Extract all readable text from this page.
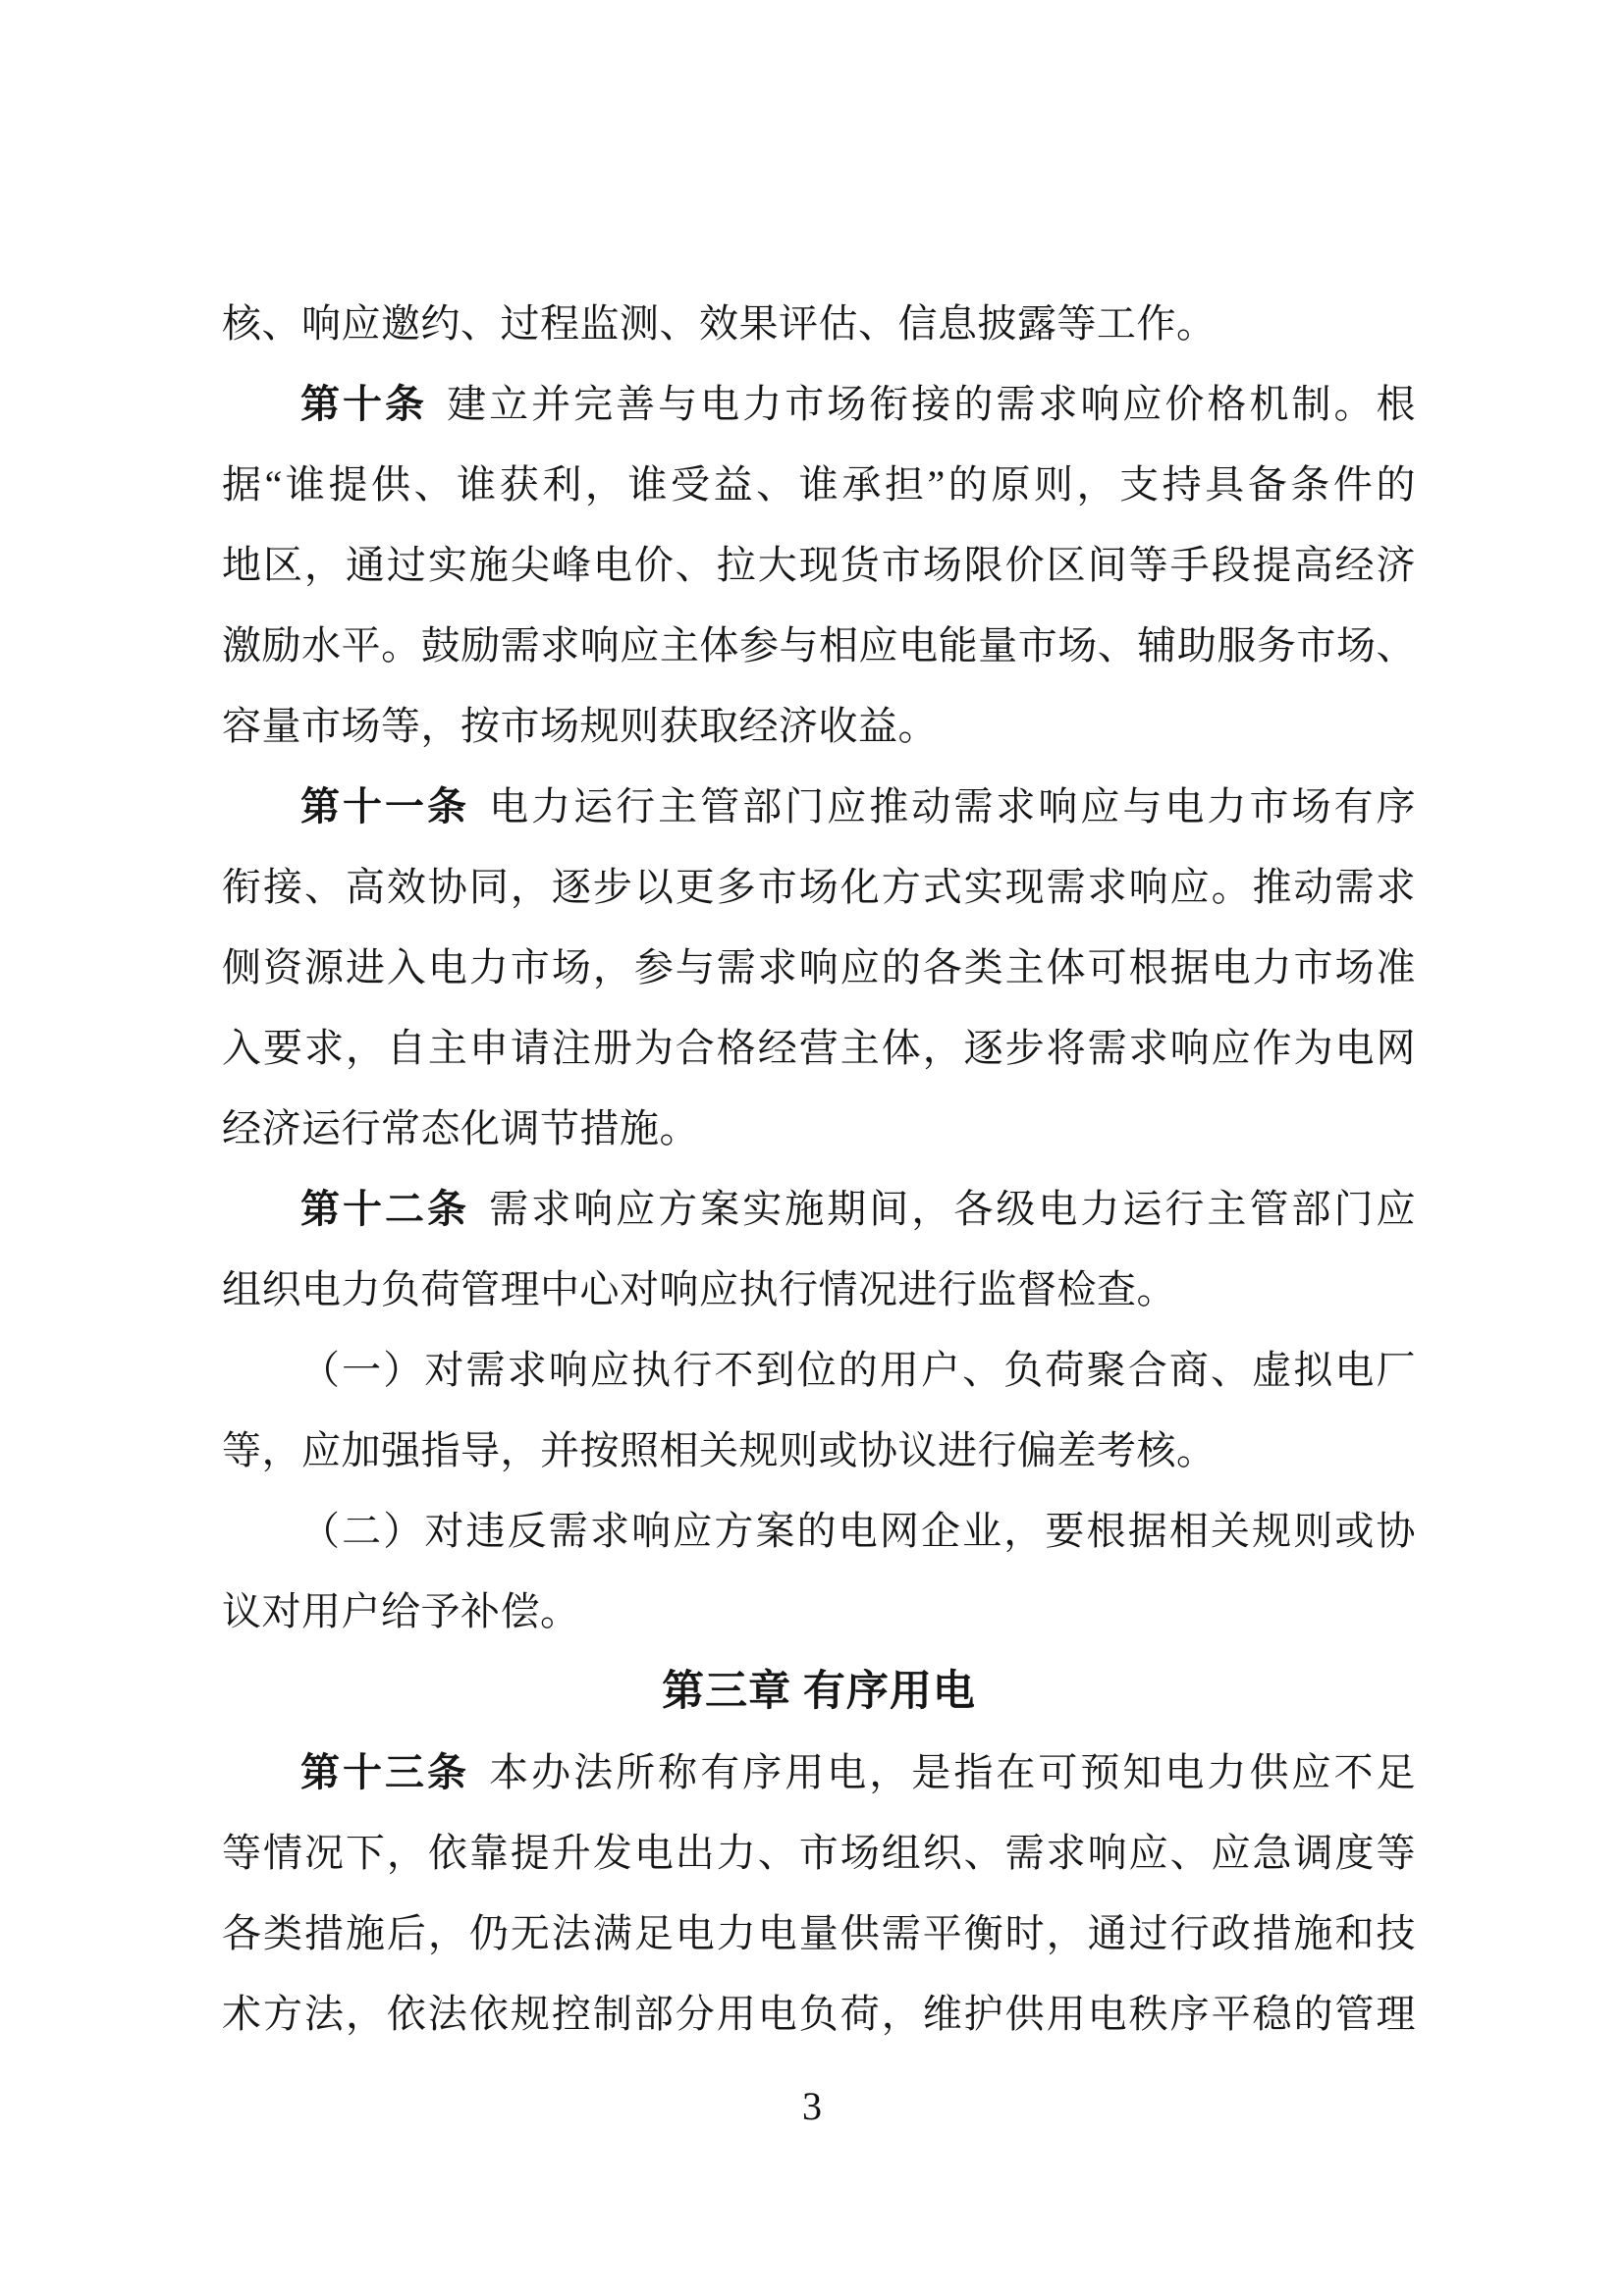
核、响应邀约、过程监测、效果评估、信息披露等工作。
第十条 建立并完善与电力市场衔接的需求响应价格机制。根
据“谁提供、谁获利，谁受益、谁承担”的原则，支持具备条件的
地区，通过实施尖峰电价、拉大现货市场限价区间等手段提高经济
激励水平。鼓励需求响应主体参与相应电能量市场、辅助服务市场、
容量市场等，按市场规则获取经济收益。
第十一条 电力运行主管部门应推动需求响应与电力市场有序
衔接、高效协同，逐步以更多市场化方式实现需求响应。推动需求
侧资源进入电力市场，参与需求响应的各类主体可根据电力市场准
入要求，自主申请注册为合格经营主体，逐步将需求响应作为电网
经济运行常态化调节措施。
第十二条 需求响应方案实施期间，各级电力运行主管部门应
组织电力负荷管理中心对响应执行情况进行监督检查。
（一）对需求响应执行不到位的用户、负荷聚合商、虚拟电厂
等，应加强指导，并按照相关规则或协议进行偏差考核。
（二）对违反需求响应方案的电网企业，要根据相关规则或协
议对用户给予补偿。
第三章 有序用电
第十三条 本办法所称有序用电，是指在可预知电力供应不足
等情况下，依靠提升发电出力、市场组织、需求响应、应急调度等
各类措施后，仍无法满足电力电量供需平衡时，通过行政措施和技
术方法，依法依规控制部分用电负荷，维护供用电秩序平稳的管理
3
